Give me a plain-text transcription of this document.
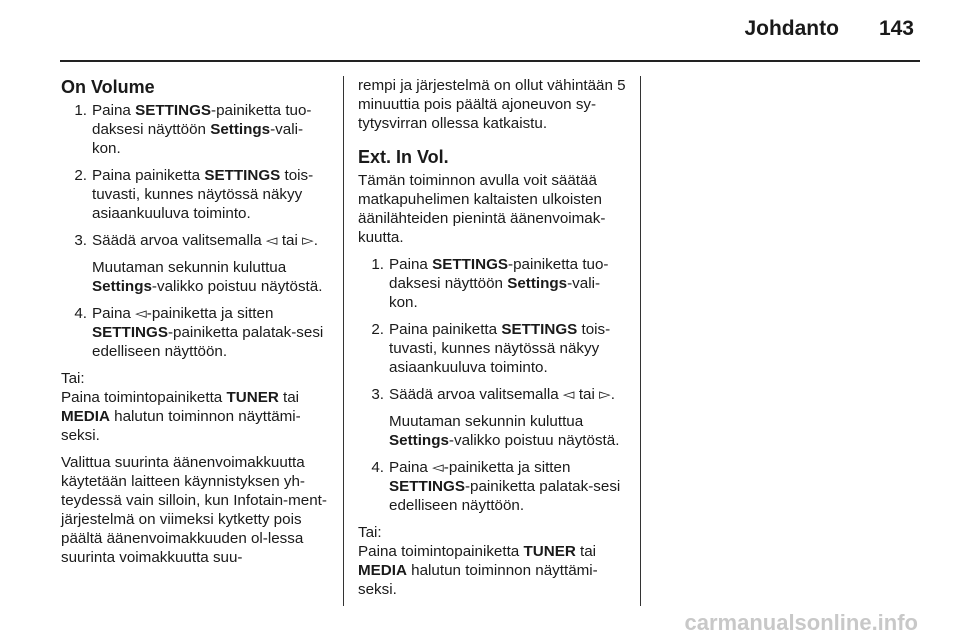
Johdanto 143
On Volume
1. Paina SETTINGS-painiketta tuo-daksesi näyttöön Settings-vali-kon.
2. Paina painiketta SETTINGS tois-tuvasti, kunnes näytössä näkyy asiaankuuluva toiminto.
3. Säädä arvoa valitsemalla ◅ tai ▻.

Muutaman sekunnin kuluttua Settings-valikko poistuu näytöstä.

4. Paina ◅-painiketta ja sitten SETTINGS-painiketta palatak-sesi edelliseen näyttöön.

Tai:

Paina toimintopainiketta TUNER tai MEDIA halutun toiminnon näyttämi-seksi.

Valittua suurinta äänenvoimakkuutta käytetään laitteen käynnistyksen yh-teydessä vain silloin, kun Infotain-ment-järjestelmä on viimeksi kytketty pois päältä äänenvoimakkuuden ol-lessa suurinta voimakkuutta suu-

rempi ja järjestelmä on ollut vähintään 5 minuuttia pois päältä ajoneuvon sy-tytysvirran ollessa katkaistu.

Ext. In Vol.

Tämän toiminnon avulla voit säätää matkapuhelimen kaltaisten ulkoisten äänilähteiden pienintä äänenvoimak-kuutta.

1. Paina SETTINGS-painiketta tuo-daksesi näyttöön Settings-vali-kon.
2. Paina painiketta SETTINGS tois-tuvasti, kunnes näytössä näkyy asiaankuuluva toiminto.
3. Säädä arvoa valitsemalla ◅ tai ▻.

Muutaman sekunnin kuluttua Settings-valikko poistuu näytöstä.

4. Paina ◅-painiketta ja sitten SETTINGS-painiketta palatak-sesi edelliseen näyttöön.

Tai:

Paina toimintopainiketta TUNER tai MEDIA halutun toiminnon näyttämi-seksi.

carmanualsonline.info
